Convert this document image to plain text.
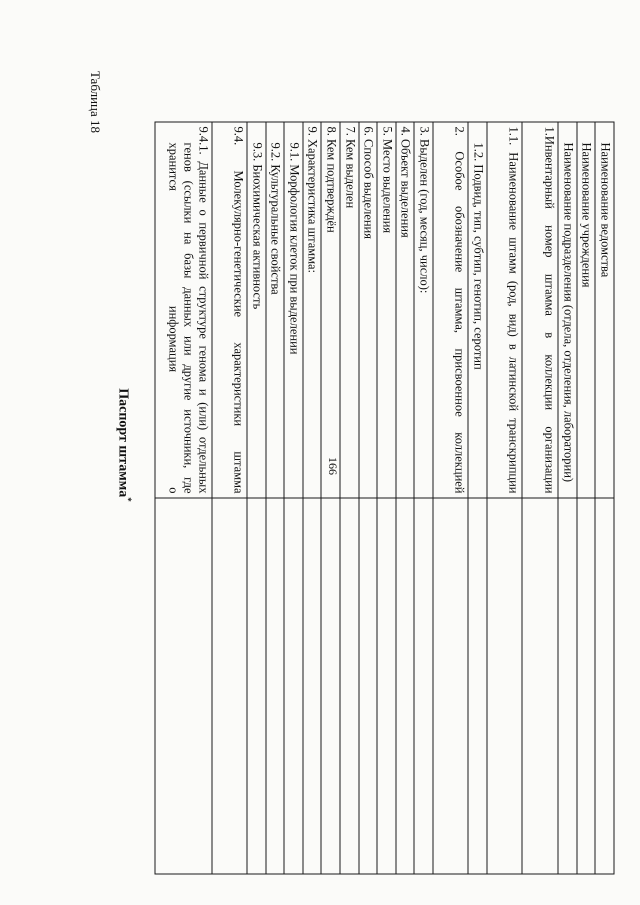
166
Таблица 18
Паспорт штамма*
Наименование ведомства	
Наименование учреждения	
Наименование подразделения (отдела, отделения, лаборатории)	
1.Инвентарный номер штамма в коллекции организации	
1.1. Наименование штамм (род, вид) в латинской транскрипции	
1.2. Подвид, тип, субтип, генотип, серотип	
2. Особое обозначение штамма, присвоенное коллекцией	
3. Выделен (год, месяц, число):	
4. Объект выделения	
5. Место выделения	
6. Способ выделения	
7. Кем выделен	
8. Кем подтверждён	
9. Характеристика штамма:	
9.1. Морфология клеток при выделении	
9.2. Культуральные свойства	
9.3. Биохимическая активность	
9.4. Молекулярно-генетические характеристики штамма	
9.4.1. Данные о первичной структуре генома и (или) отдельных генов (ссылки на базы данных или другие источники, где хранится информация о	
